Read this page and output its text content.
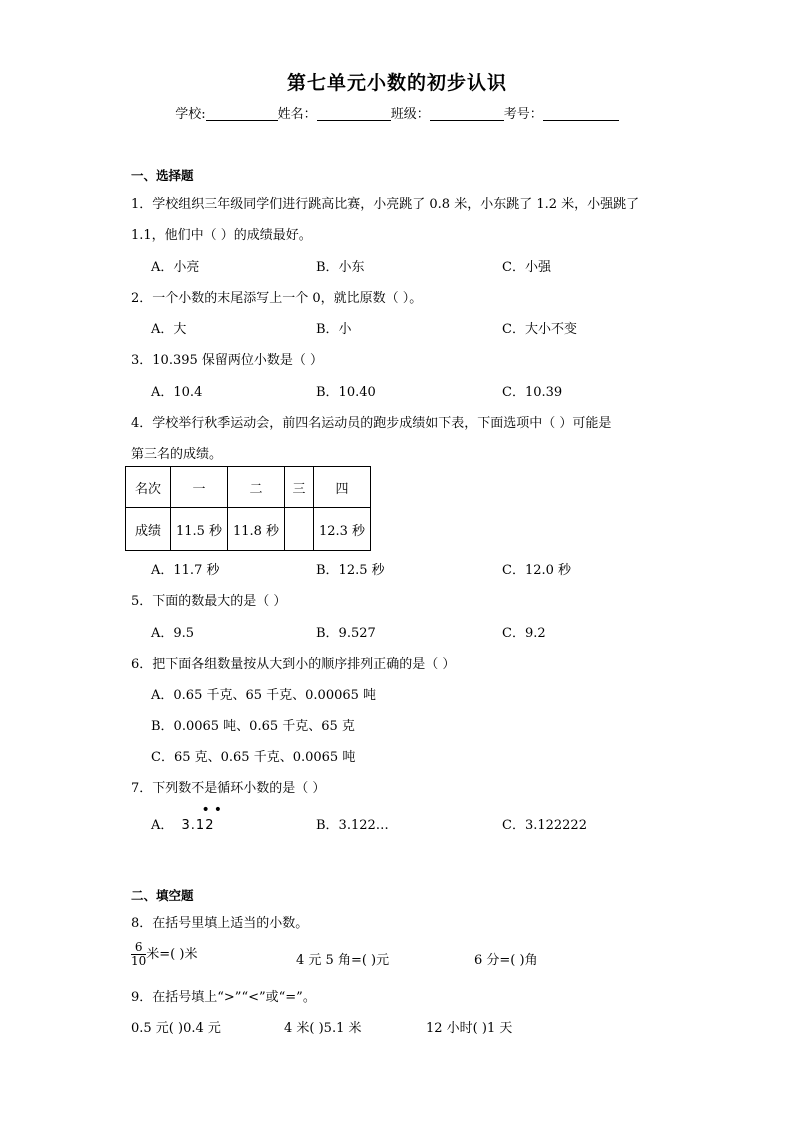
第七单元小数的初步认识
学校:	姓名：	班级：	考号：
一、选择题
1．学校组织三年级同学们进行跳高比赛，小亮跳了 0.8 米，小东跳了 1.2 米，小强跳了
1.1，他们中（ ）的成绩最好。
A．小亮	B．小东	C．小强
2．一个小数的末尾添写上一个 0，就比原数（ ）。
A．大	B．小	C．大小不变
3．10.395 保留两位小数是（ ）
A．10.4	B．10.40	C．10.39
4．学校举行秋季运动会，前四名运动员的跑步成绩如下表，下面选项中（ ）可能是
第三名的成绩。
名次	一	二	三	四
成绩	11.5 秒	11.8 秒		12.3 秒
A．11.7 秒	B．12.5 秒	C．12.0 秒
5．下面的数最大的是（ ）
A．9.5	B．9.527	C．9.2
6．把下面各组数量按从大到小的顺序排列正确的是（ ）
A．0.65 千克、65 千克、0.00065 吨
B．0.0065 吨、0.65 千克、65 克
C．65 克、0.65 千克、0.0065 吨
7．下列数不是循环小数的是（ ）
A．
••
3.12	B．3.122…	C．3.122222
二、填空题
8．在括号里填上适当的小数。
$\frac{6}{10}$ 米=( )米	4 元 5 角=( )元	6 分=( )角
9．在括号填上“>”“<”或“=”。
0.5 元( )0.4 元	4 米( )5.1 米	12 小时( )1 天
